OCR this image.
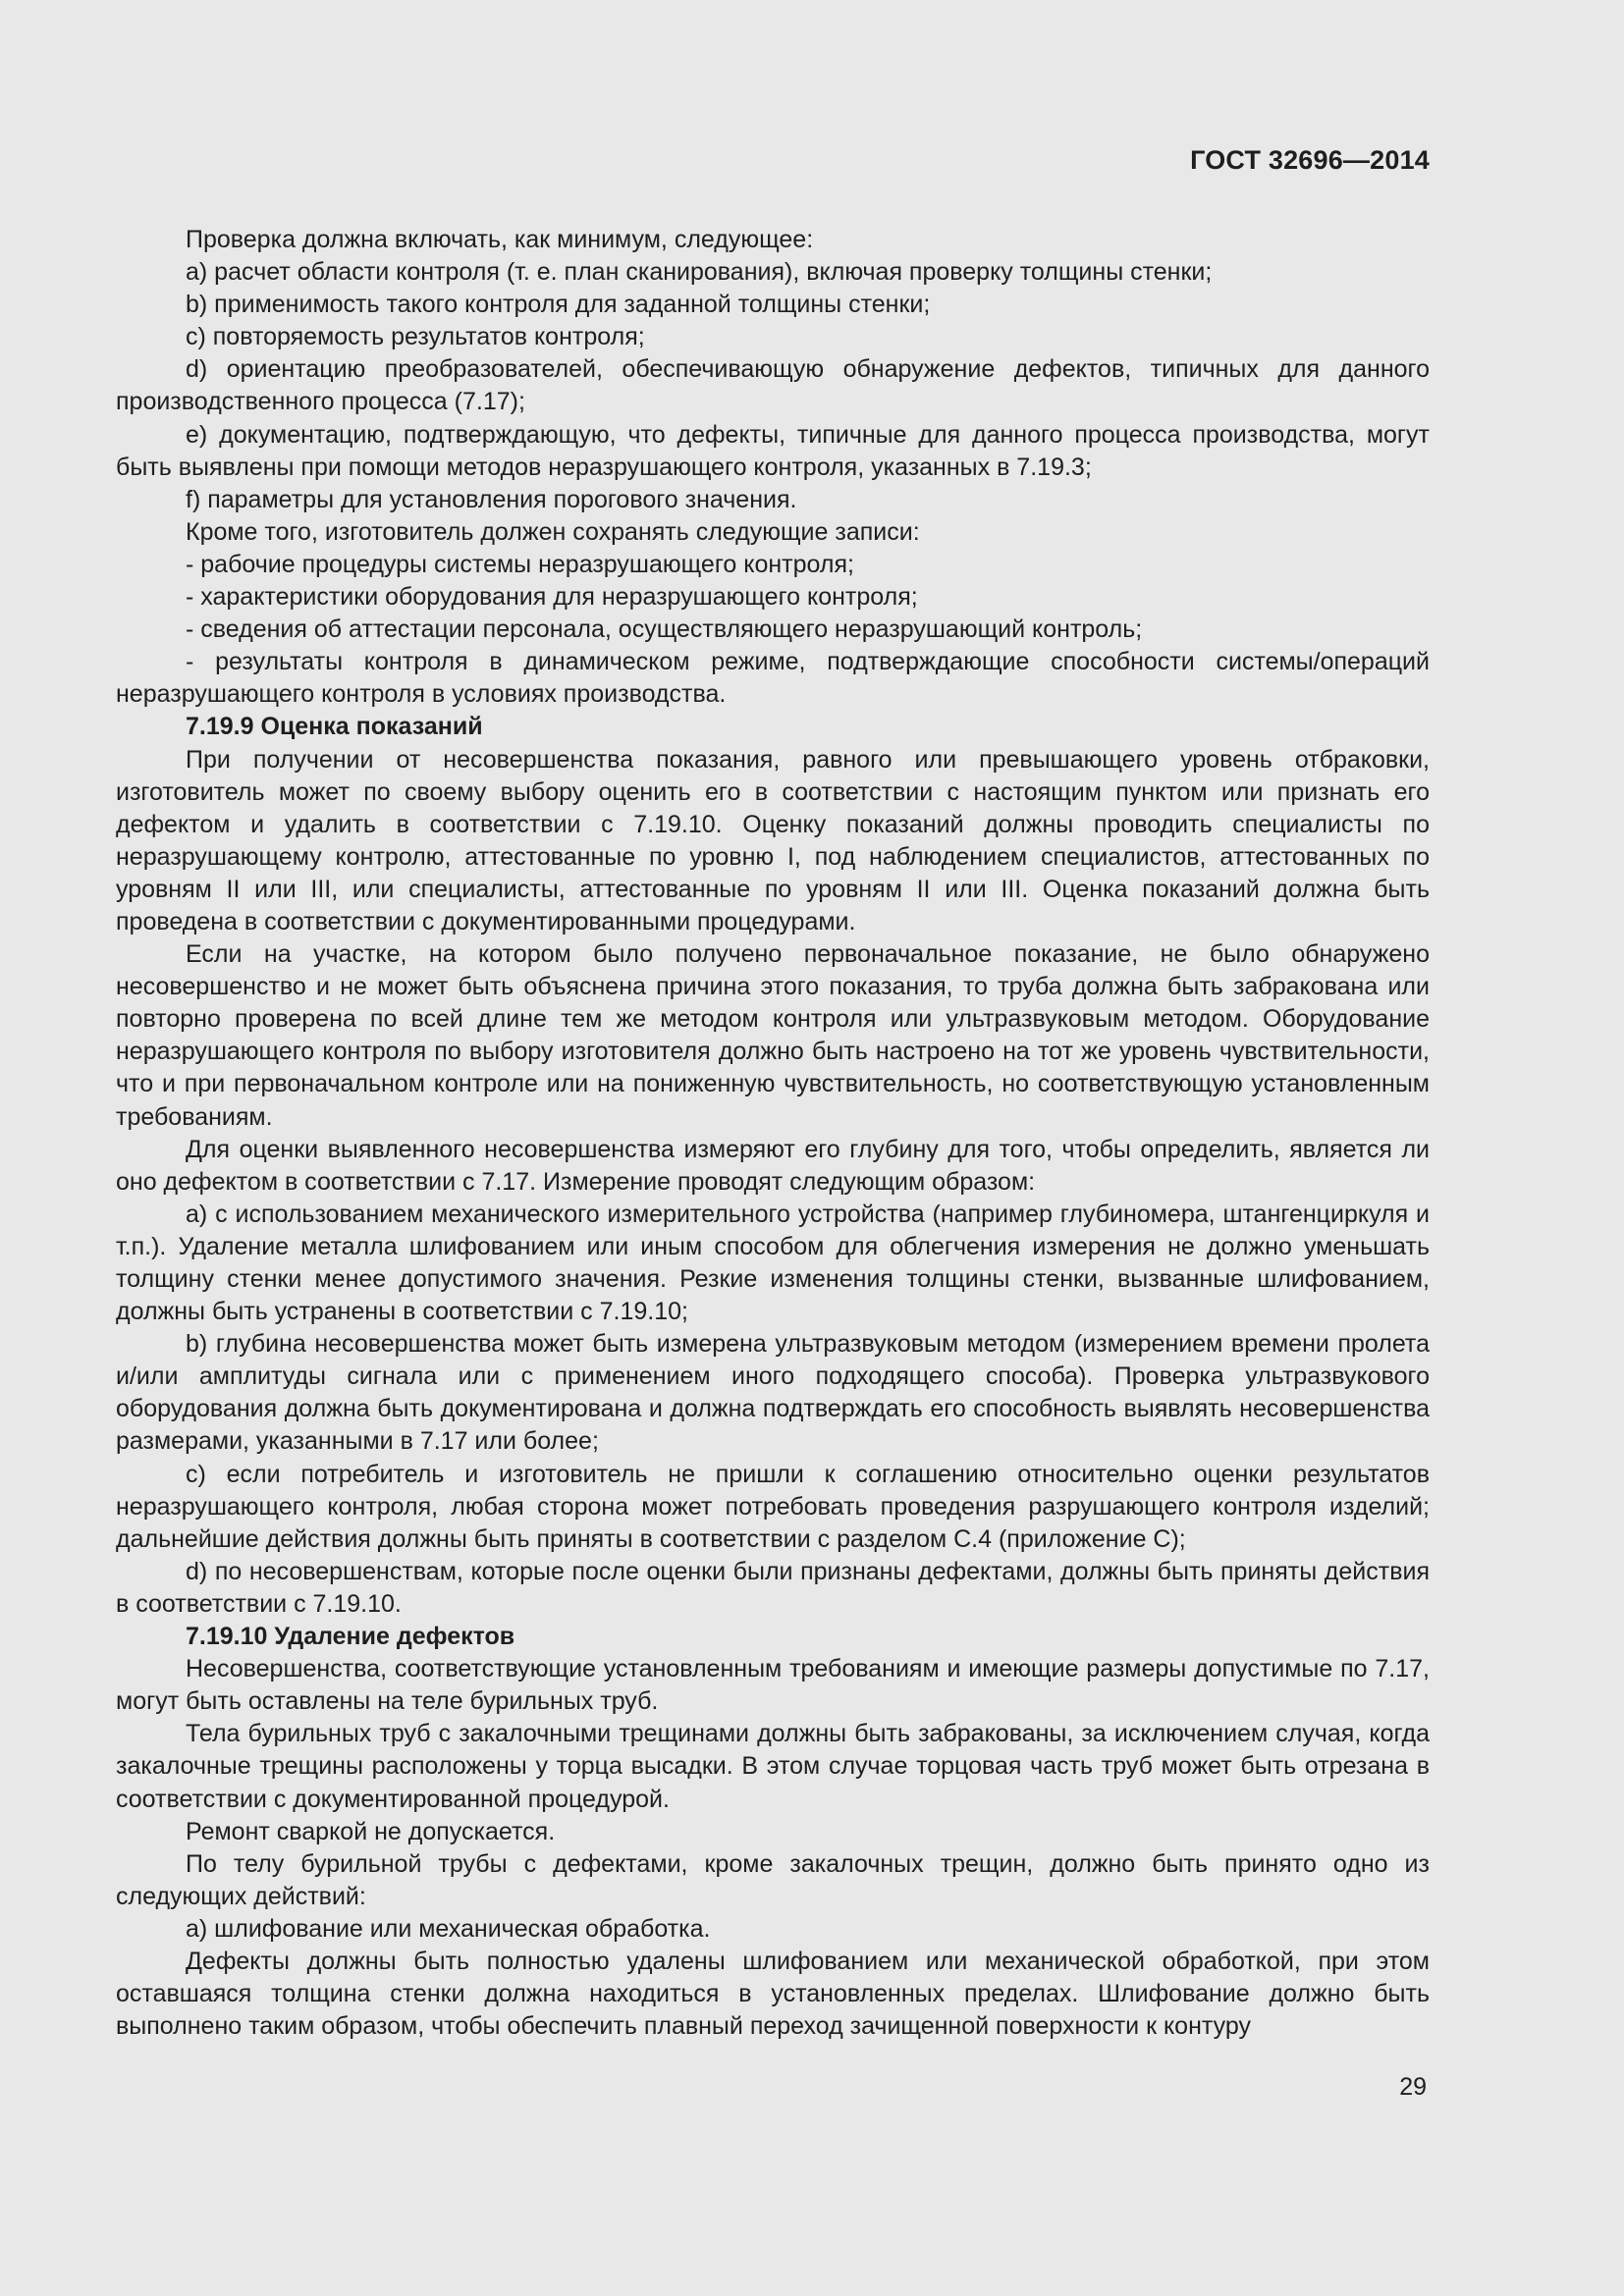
ГОСТ 32696—2014

Проверка должна включать, как минимум, следующее:

a) расчет области контроля (т. е. план сканирования), включая проверку толщины стенки;

b) применимость такого контроля для заданной толщины стенки;

c) повторяемость результатов контроля;

d) ориентацию преобразователей, обеспечивающую обнаружение дефектов, типичных для данного производственного процесса (7.17);

e) документацию, подтверждающую, что дефекты, типичные для данного процесса производства, могут быть выявлены при помощи методов неразрушающего контроля, указанных в 7.19.3;

f) параметры для установления порогового значения.

Кроме того, изготовитель должен сохранять следующие записи:

- рабочие процедуры системы неразрушающего контроля;

- характеристики оборудования для неразрушающего контроля;

- сведения об аттестации персонала, осуществляющего неразрушающий контроль;

- результаты контроля в динамическом режиме, подтверждающие способности системы/операций неразрушающего контроля в условиях производства.

7.19.9 Оценка показаний

При получении от несовершенства показания, равного или превышающего уровень отбраковки, изготовитель может по своему выбору оценить его в соответствии с настоящим пунктом или признать его дефектом и удалить в соответствии с 7.19.10. Оценку показаний должны проводить специалисты по неразрушающему контролю, аттестованные по уровню I, под наблюдением специалистов, аттестованных по уровням II или III, или специалисты, аттестованные по уровням II или III. Оценка показаний должна быть проведена в соответствии с документированными процедурами.

Если на участке, на котором было получено первоначальное показание, не было обнаружено несовершенство и не может быть объяснена причина этого показания, то труба должна быть забракована или повторно проверена по всей длине тем же методом контроля или ультразвуковым методом. Оборудование неразрушающего контроля по выбору изготовителя должно быть настроено на тот же уровень чувствительности, что и при первоначальном контроле или на пониженную чувствительность, но соответствующую установленным требованиям.

Для оценки выявленного несовершенства измеряют его глубину для того, чтобы определить, является ли оно дефектом в соответствии с 7.17. Измерение проводят следующим образом:

a) с использованием механического измерительного устройства (например глубиномера, штангенциркуля и т.п.). Удаление металла шлифованием или иным способом для облегчения измерения не должно уменьшать толщину стенки менее допустимого значения. Резкие изменения толщины стенки, вызванные шлифованием, должны быть устранены в соответствии с 7.19.10;

b) глубина несовершенства может быть измерена ультразвуковым методом (измерением времени пролета и/или амплитуды сигнала или с применением иного подходящего способа). Проверка ультразвукового оборудования должна быть документирована и должна подтверждать его способность выявлять несовершенства размерами, указанными в 7.17 или более;

c) если потребитель и изготовитель не пришли к соглашению относительно оценки результатов неразрушающего контроля, любая сторона может потребовать проведения разрушающего контроля изделий; дальнейшие действия должны быть приняты в соответствии с разделом С.4 (приложение С);

d) по несовершенствам, которые после оценки были признаны дефектами, должны быть приняты действия в соответствии с 7.19.10.

7.19.10 Удаление дефектов

Несовершенства, соответствующие установленным требованиям и имеющие размеры допустимые по 7.17, могут быть оставлены на теле бурильных труб.

Тела бурильных труб с закалочными трещинами должны быть забракованы, за исключением случая, когда закалочные трещины расположены у торца высадки. В этом случае торцовая часть труб может быть отрезана в соответствии с документированной процедурой.

Ремонт сваркой не допускается.

По телу бурильной трубы с дефектами, кроме закалочных трещин, должно быть принято одно из следующих действий:

a) шлифование или механическая обработка.

Дефекты должны быть полностью удалены шлифованием или механической обработкой, при этом оставшаяся толщина стенки должна находиться в установленных пределах. Шлифование должно быть выполнено таким образом, чтобы обеспечить плавный переход зачищенной поверхности к контуру

29
